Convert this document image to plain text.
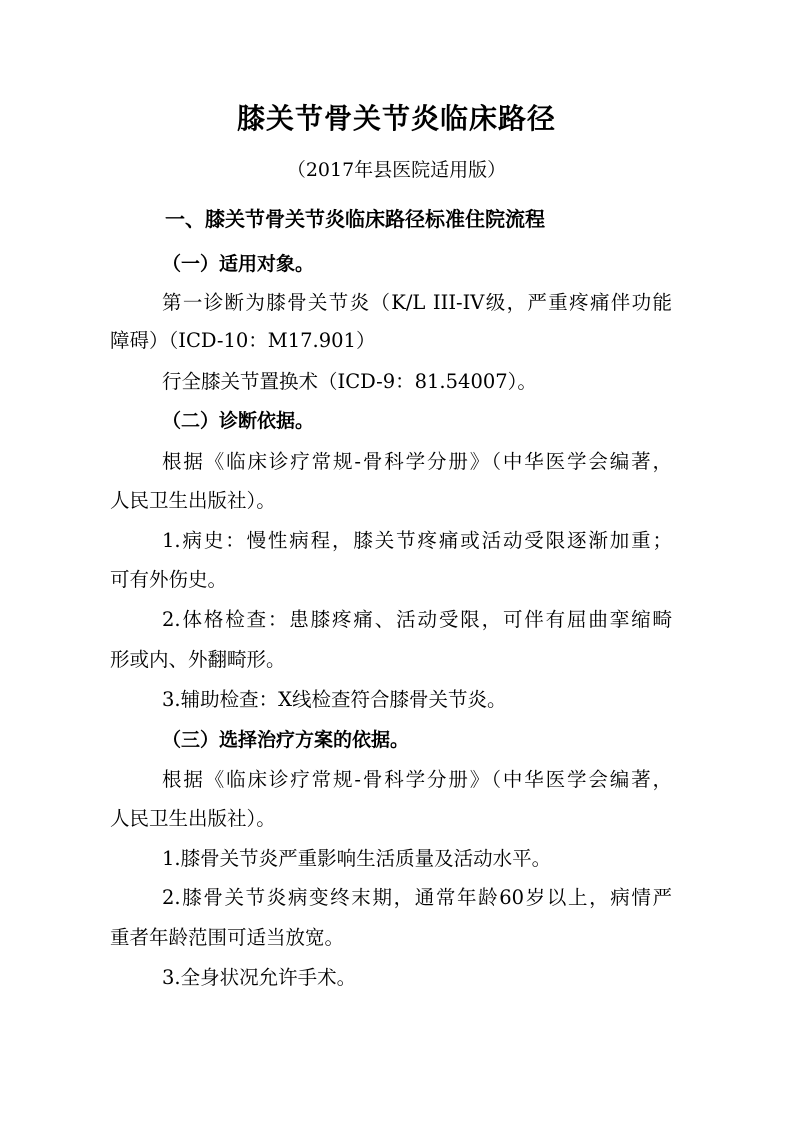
膝关节骨关节炎临床路径
（2017年县医院适用版）
一、膝关节骨关节炎临床路径标准住院流程
（一）适用对象。
第一诊断为膝骨关节炎（K/L III-IV级，严重疼痛伴功能
障碍）（ICD-10：M17.901）
行全膝关节置换术（ICD-9：81.54007）。
（二）诊断依据。
根据《临床诊疗常规-骨科学分册》（中华医学会编著，
人民卫生出版社）。
1.病史：慢性病程，膝关节疼痛或活动受限逐渐加重；
可有外伤史。
2.体格检查：患膝疼痛、活动受限，可伴有屈曲挛缩畸
形或内、外翻畸形。
3.辅助检查：X线检查符合膝骨关节炎。
（三）选择治疗方案的依据。
根据《临床诊疗常规-骨科学分册》（中华医学会编著，
人民卫生出版社）。
1.膝骨关节炎严重影响生活质量及活动水平。
2.膝骨关节炎病变终末期，通常年龄60岁以上，病情严
重者年龄范围可适当放宽。
3.全身状况允许手术。
